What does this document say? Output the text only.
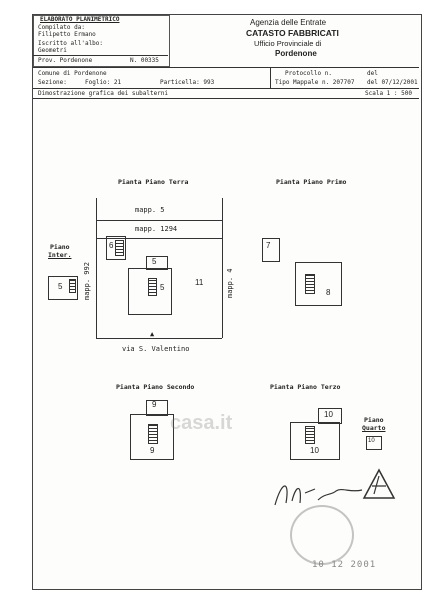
ELABORATO PLANIMETRICO
Compilato da:
Filipetto Ermano
Iscritto all'albo:
Geometri
Prov. Pordenone	N. 00335
Agenzia delle Entrate
CATASTO FABBRICATI
Ufficio Provinciale di
Pordenone
Comune di Pordenone
Sezione:	Foglio: 21	Particella: 993
Protocollo n.	del
Tipo Mappale n. 207707 del 07/12/2001
Dimostrazione grafica dei subalterni	Scala 1 : 500
Pianta Piano Terra
mapp. 5
mapp. 1294
mapp. 992	mapp. 4
via S. Valentino
6
5
5
11
▲
Piano
Inter.
5
Pianta Piano Primo
7
8
Pianta Piano Secondo
9
9
Pianta Piano Terzo
10
10
Piano
Quarto
10
casa.it
10 12 2001
